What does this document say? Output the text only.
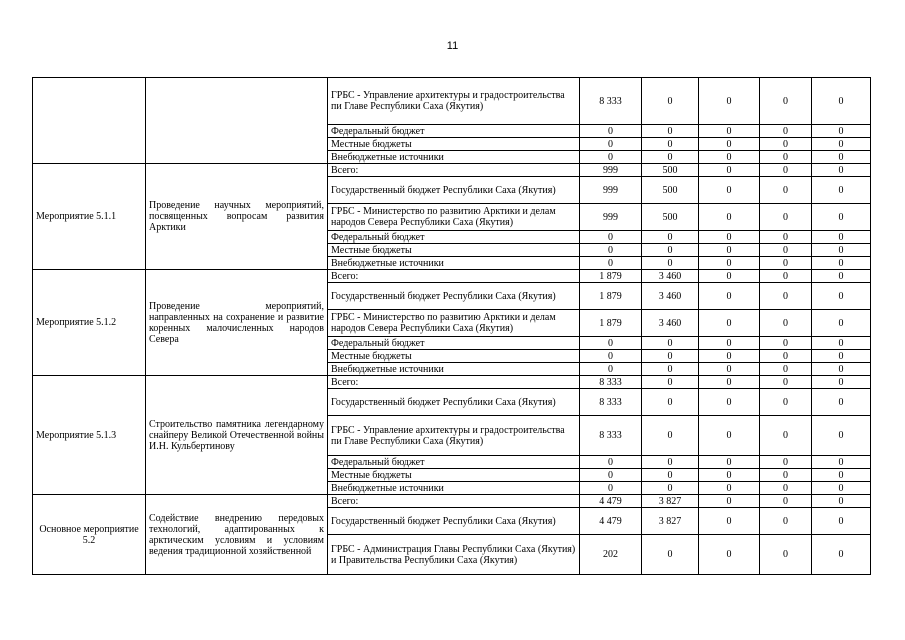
11
		ГРБС - Управление архитектуры и градостроительства пи Главе Республики Саха (Якутия)	8 333	0	0	0	0
		Федеральный бюджет	0	0	0	0	0
		Местные бюджеты	0	0	0	0	0
		Внебюджетные источники	0	0	0	0	0
Мероприятие 5.1.1	Проведение научных мероприятий, посвященных вопросам развития Арктики	Всего:	999	500	0	0	0
		Государственный бюджет Республики Саха (Якутия)	999	500	0	0	0
		ГРБС - Министерство по развитию Арктики и делам народов Севера Республики Саха (Якутия)	999	500	0	0	0
		Федеральный бюджет	0	0	0	0	0
		Местные бюджеты	0	0	0	0	0
		Внебюджетные источники	0	0	0	0	0
Мероприятие 5.1.2	Проведение мероприятий, направленных на сохранение и развитие коренных малочисленных народов Севера	Всего:	1 879	3 460	0	0	0
		Государственный бюджет Республики Саха (Якутия)	1 879	3 460	0	0	0
		ГРБС - Министерство по развитию Арктики и делам народов Севера Республики Саха (Якутия)	1 879	3 460	0	0	0
		Федеральный бюджет	0	0	0	0	0
		Местные бюджеты	0	0	0	0	0
		Внебюджетные источники	0	0	0	0	0
Мероприятие 5.1.3	Строительство памятника легендарному снайперу Великой Отечественной войны И.Н. Кульбертинову	Всего:	8 333	0	0	0	0
		Государственный бюджет Республики Саха (Якутия)	8 333	0	0	0	0
		ГРБС - Управление архитектуры и градостроительства пи Главе Республики Саха (Якутия)	8 333	0	0	0	0
		Федеральный бюджет	0	0	0	0	0
		Местные бюджеты	0	0	0	0	0
		Внебюджетные источники	0	0	0	0	0
Основное мероприятие 5.2	Содействие внедрению передовых технологий, адаптированных к арктическим условиям и условиям ведения традиционной хозяйственной	Всего:	4 479	3 827	0	0	0
		Государственный бюджет Республики Саха (Якутия)	4 479	3 827	0	0	0
		ГРБС - Администрация Главы Республики Саха (Якутия) и Правительства Республики Саха (Якутия)	202	0	0	0	0
